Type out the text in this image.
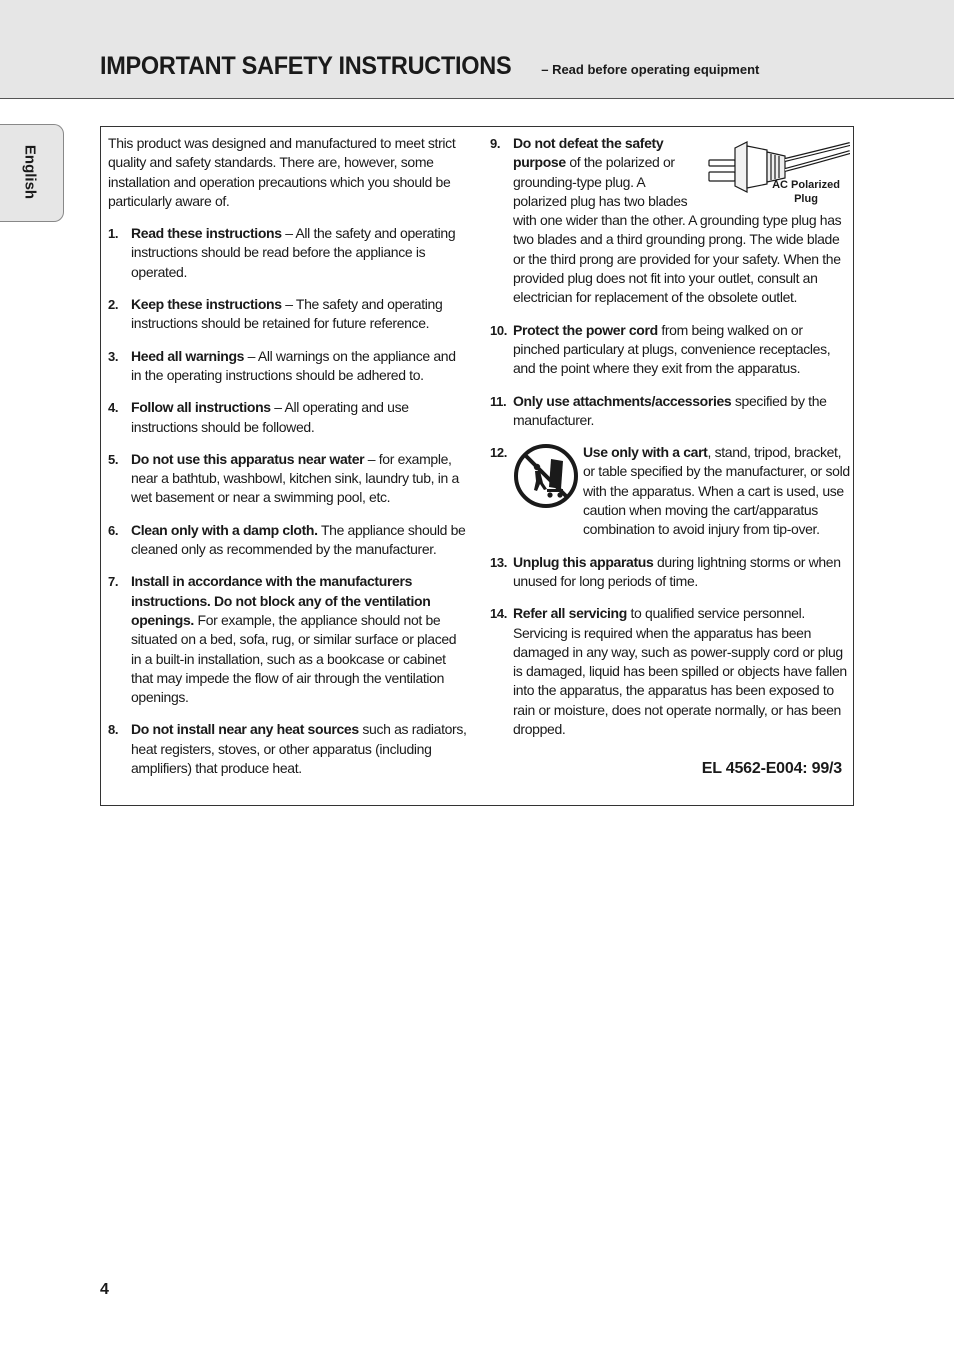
IMPORTANT SAFETY INSTRUCTIONS – Read before operating equipment
English

This product was designed and manufactured to meet strict quality and safety standards. There are, however, some installation and operation precautions which you should be particularly aware of.

1. Read these instructions – All the safety and operating instructions should be read before the appliance is operated.
2. Keep these instructions – The safety and operating instructions should be retained for future reference.
3. Heed all warnings – All warnings on the appliance and in the operating instructions should be adhered to.
4. Follow all instructions – All operating and use instructions should be followed.
5. Do not use this apparatus near water – for example, near a bathtub, washbowl, kitchen sink, laundry tub, in a wet basement or near a swimming pool, etc.
6. Clean only with a damp cloth. The appliance should be cleaned only as recommended by the manufacturer.
7. Install in accordance with the manufacturers instructions. Do not block any of the ventilation openings. For example, the appliance should not be situated on a bed, sofa, rug, or similar surface or placed in a built-in installation, such as a bookcase or cabinet that may impede the flow of air through the ventilation openings.
8. Do not install near any heat sources such as radiators, heat registers, stoves, or other apparatus (including amplifiers) that produce heat.
9.
AC Polarized
Plug
Do not defeat the safety purpose of the polarized or grounding-type plug. A polarized plug has two blades with one wider than the other. A grounding type plug has two blades and a third grounding prong. The wide blade or the third prong are provided for your safety. When the provided plug does not fit into your outlet, consult an electrician for replacement of the obsolete outlet.
10. Protect the power cord from being walked on or pinched particulary at plugs, convenience receptacles, and the point where they exit from the apparatus.
11. Only use attachments/accessories specified by the manufacturer.
12.	Use only with a cart, stand, tripod, bracket, or table specified by the manufacturer, or sold with the apparatus. When a cart is used, use caution when moving the cart/apparatus combination to avoid injury from tip-over.
13. Unplug this apparatus during lightning storms or when unused for long periods of time.
14. Refer all servicing to qualified service personnel. Servicing is required when the apparatus has been damaged in any way, such as power-supply cord or plug is damaged, liquid has been spilled or objects have fallen into the apparatus, the apparatus has been exposed to rain or moisture, does not operate normally, or has been dropped.
EL 4562-E004: 99/3
4
